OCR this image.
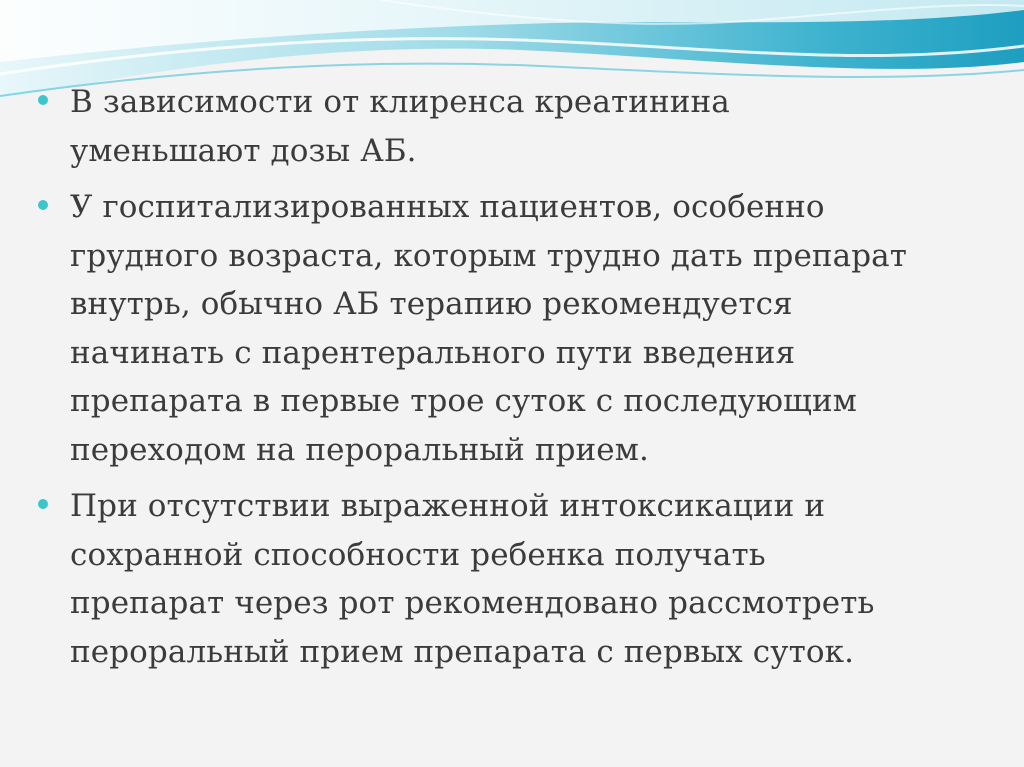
В зависимости от клиренса креатинина
уменьшают дозы АБ.
У госпитализированных пациентов, особенно
грудного возраста, которым трудно дать препарат
внутрь, обычно АБ терапию рекомендуется
начинать с парентерального пути введения
препарата в первые трое суток с последующим
переходом на пероральный прием.
При отсутствии выраженной интоксикации и
сохранной способности ребенка получать
препарат через рот рекомендовано рассмотреть
пероральный прием препарата с первых суток.
